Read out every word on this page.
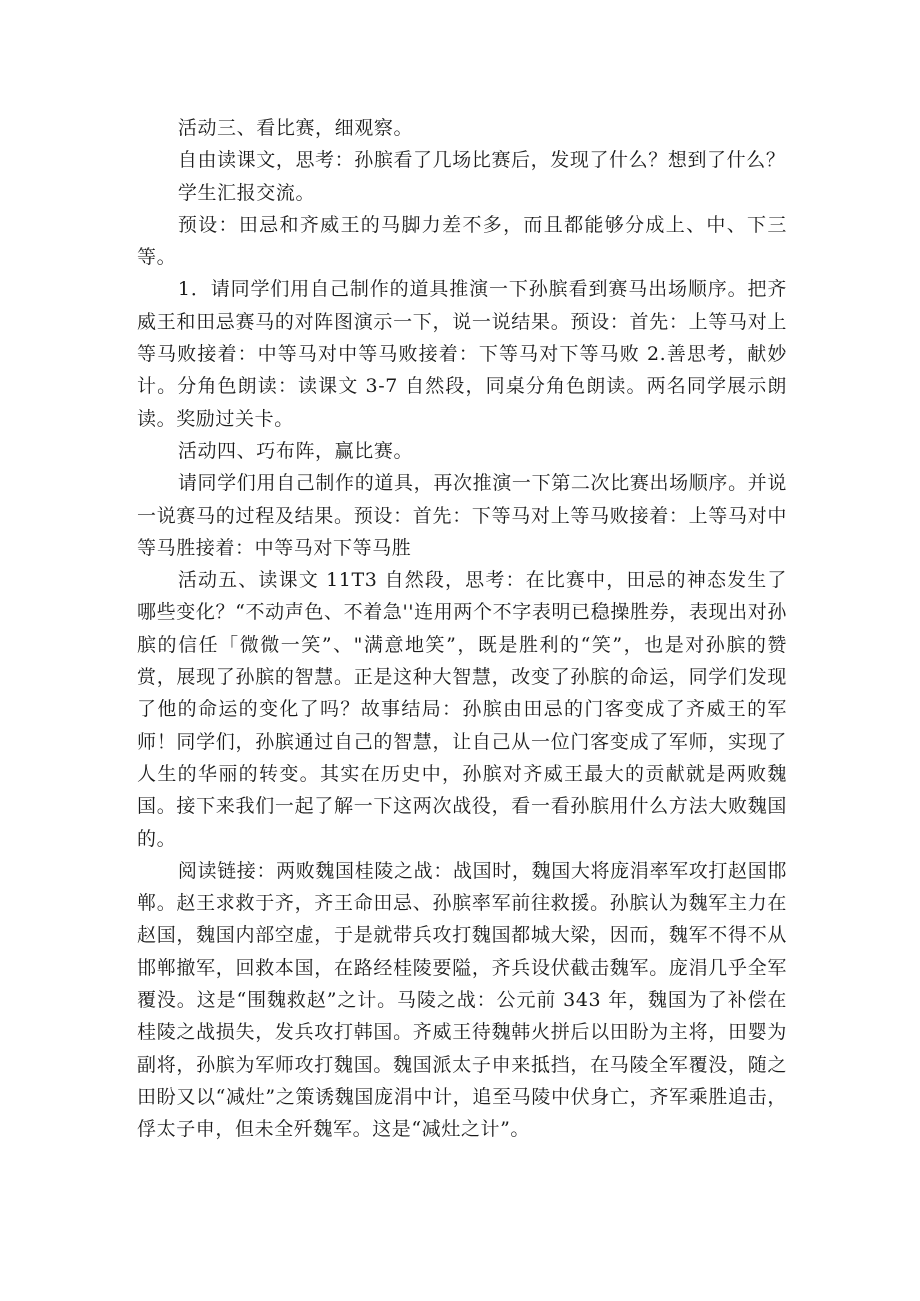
活动三、看比赛，细观察。

自由读课文，思考：孙膑看了几场比赛后，发现了什么？想到了什么？

学生汇报交流。

预设：田忌和齐威王的马脚力差不多，而且都能够分成上、中、下三等。

1．请同学们用自己制作的道具推演一下孙膑看到赛马出场顺序。把齐威王和田忌赛马的对阵图演示一下，说一说结果。预设：首先：上等马对上等马败接着：中等马对中等马败接着：下等马对下等马败 2.善思考，献妙计。分角色朗读：读课文 3-7 自然段，同桌分角色朗读。两名同学展示朗读。奖励过关卡。

活动四、巧布阵，赢比赛。

请同学们用自己制作的道具，再次推演一下第二次比赛出场顺序。并说一说赛马的过程及结果。预设：首先：下等马对上等马败接着：上等马对中等马胜接着：中等马对下等马胜

活动五、读课文 11T3 自然段，思考：在比赛中，田忌的神态发生了哪些变化？“不动声色、不着急''连用两个不字表明已稳操胜券，表现出对孙膑的信任「微微一笑”、"满意地笑”，既是胜利的“笑”，也是对孙膑的赞赏，展现了孙膑的智慧。正是这种大智慧，改变了孙膑的命运，同学们发现了他的命运的变化了吗？故事结局：孙膑由田忌的门客变成了齐威王的军师！同学们，孙膑通过自己的智慧，让自己从一位门客变成了军师，实现了人生的华丽的转变。其实在历史中，孙膑对齐威王最大的贡献就是两败魏国。接下来我们一起了解一下这两次战役，看一看孙膑用什么方法大败魏国的。

阅读链接：两败魏国桂陵之战：战国时，魏国大将庞涓率军攻打赵国邯郸。赵王求救于齐，齐王命田忌、孙膑率军前往救援。孙膑认为魏军主力在赵国，魏国内部空虚，于是就带兵攻打魏国都城大梁，因而，魏军不得不从邯郸撤军，回救本国，在路经桂陵要隘，齐兵设伏截击魏军。庞涓几乎全军覆没。这是“围魏救赵”之计。马陵之战：公元前 343 年，魏国为了补偿在桂陵之战损失，发兵攻打韩国。齐威王待魏韩火拼后以田盼为主将，田婴为副将，孙膑为军师攻打魏国。魏国派太子申来抵挡，在马陵全军覆没，随之田盼又以“减灶”之策诱魏国庞涓中计，追至马陵中伏身亡，齐军乘胜追击，俘太子申，但未全歼魏军。这是“减灶之计”。
